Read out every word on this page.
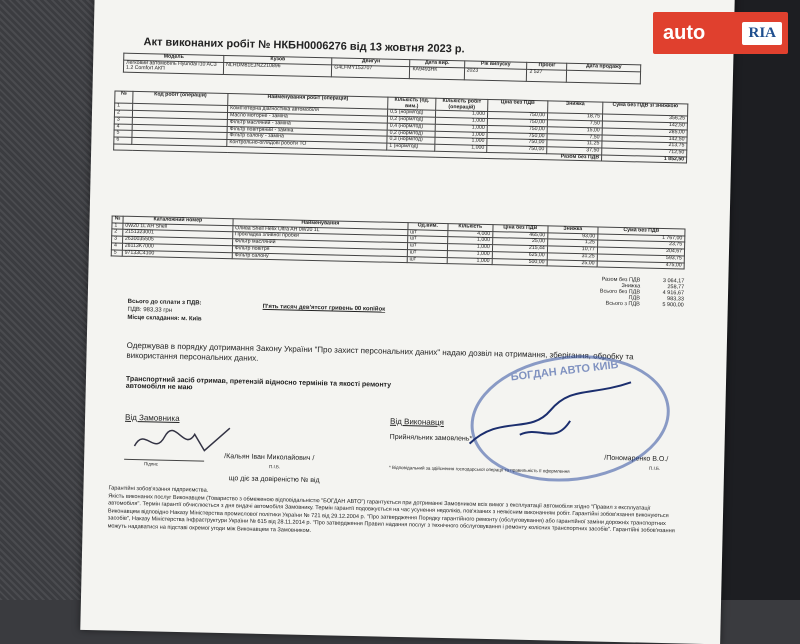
Акт виконаних робіт № НКБН0006276 від 13 жовтня 2023 р.
Модель	Кузов	Двигун	Дата вир.	Рік випуску	Пробіг	Дата продажу
Легковий автомобіль Hyundai i10 AC3 1.2 Comfort АКП	NLHDM81EJNZ210896	G4LFMY153707	КА9493НК	2023	2 527	
№	Код робіт (операцій)	Найменування робіт (операцій)	Кількість (од. вим.)	Кількість робіт (операцій)	Ціна без ПДВ	Знижка	Сума без ПДВ зі знижкою
1		Комп'ютерна діагностика автомобіля	0,5 (норм/год)	1,000	750,00	18,75	356,25
2		Масло моторне - заміна	0,2 (норм/год)	1,000	750,00	7,50	142,50
3		Фільтр масляний - заміна	0,4 (норм/год)	1,000	750,00	15,00	285,00
4		Фільтр повітряний - заміна	0,2 (норм/год)	1,000	750,00	7,50	142,50
5		Фільтр салону - заміна	0,3 (норм/год)	1,000	750,00	11,25	213,75
6		Контрольно-оглядові роботи ТО	1 (норм/год)	1,000	750,00	37,50	712,50
Разом без ПДВ							1 852,50
№	Каталожний номер	Найменування	Од.вим.	Кількість	Ціна без ПДВ	Знижка	Сума без ПДВ
1	0W20 1L AH Shell	Олива Shell Helix Ultra AH 0W20 1L	шт	4,000	465,00	93,00	1 767,00
2	2151323001	Прокладка зливної пробки	шт	1,000	25,00	1,25	23,75
3	2630035505	Фільтр масляний	шт	1,000	215,44	10,77	204,67
4	28113K7000	Фільтр повітря	шт	1,000	625,00	31,25	593,75
5	97133C4100	Фільтр салону	шт	1,000	500,00	25,00	475,00
Разом без ПДВ	3 064,17
Знижка	258,77
Всього без ПДВ	4 916,67
ПДВ	983,33
Всього з ПДВ	5 900,00
Всього до сплати з ПДВ:
ПДВ: 983,33 грн
Місце складання: м. Київ
П'ять тисяч дев'ятсот гривень 00 копійок
Одержував в порядку дотримання Закону України "Про захист персональних даних" надаю дозвіл на отримання, зберігання, обробку та використання персональних даних.
Транспортний засіб отримав, претензій відносно термінів та якості ремонту автомобіля не маю
Від Замовника
Підпис
/Кальян Іван Миколайович /
П.І.Б.
що діє за довіреністю № від
Від Виконавця
Прийняльник замовлень*
/Пономаренко В.О./
П.І.Б.
* Відповідальний за здійснення господарської операції та правильність її оформлення
БОГДАН АВТО КИЇВ
Гарантійні зобов'язання підприємства.
Якість виконаних послуг Виконавцем (Товариство з обмеженою відповідальністю "БОГДАН АВТО") гарантується при дотриманні Замовником всіх вимог з експлуатації автомобіля згідно "Правил з експлуатації автомобіля". Термін гарантії обчислюється з дня видачі автомобіля Замовнику. Термін гарантії подовжується на час усунення недоліків, пов'язаних з неякісним виконанням робіт. Гарантійні зобов'язання виконуються Виконавцем відповідно Наказу Міністерства промислової політики України № 721 від 29.12.2004 р. "Про затвердження Порядку гарантійного ремонту (обслуговування) або гарантійної заміни дорожніх транспортних засобів", Наказу Міністерства Інфраструктури України № 615 від 28.11.2014 р. "Про затвердження Правил надання послуг з технічного обслуговування і ремонту колісних транспортних засобів". Гарантійні зобов'язання можуть надаватися на підставі окремої угоди між Виконавцем та Замовником.
auto	RIA
